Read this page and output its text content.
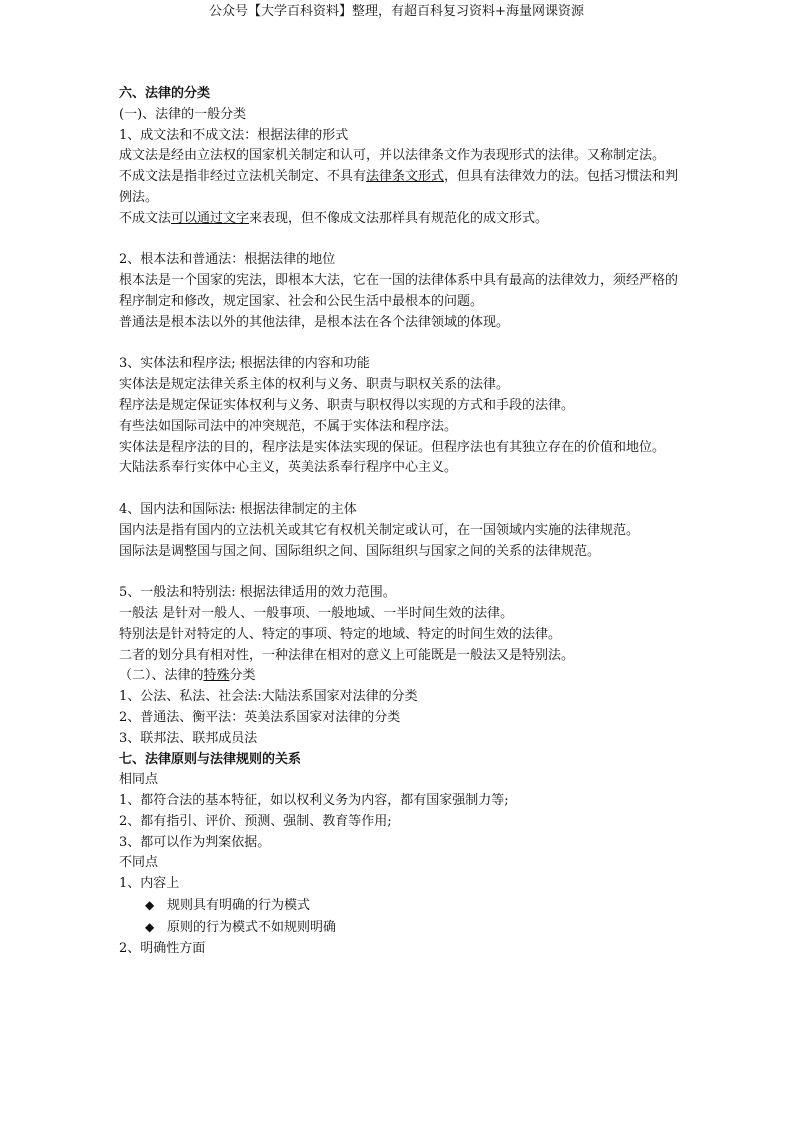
公众号【大学百科资料】整理，有超百科复习资料+海量网课资源
六、法律的分类
(一)、法律的一般分类
1、成文法和不成文法：根据法律的形式
成文法是经由立法权的国家机关制定和认可，并以法律条文作为表现形式的法律。又称制定法。
不成文法是指非经过立法机关制定、不具有法律条文形式，但具有法律效力的法。包括习惯法和判例法。
不成文法可以通过文字来表现，但不像成文法那样具有规范化的成文形式。
2、根本法和普通法：根据法律的地位
根本法是一个国家的宪法，即根本大法，它在一国的法律体系中具有最高的法律效力，须经严格的程序制定和修改，规定国家、社会和公民生活中最根本的问题。
普通法是根本法以外的其他法律，是根本法在各个法律领域的体现。
3、实体法和程序法; 根据法律的内容和功能
实体法是规定法律关系主体的权利与义务、职责与职权关系的法律。
程序法是规定保证实体权利与义务、职责与职权得以实现的方式和手段的法律。
有些法如国际司法中的冲突规范，不属于实体法和程序法。
实体法是程序法的目的，程序法是实体法实现的保证。但程序法也有其独立存在的价值和地位。
大陆法系奉行实体中心主义，英美法系奉行程序中心主义。
4、国内法和国际法: 根据法律制定的主体
国内法是指有国内的立法机关或其它有权机关制定或认可，在一国领域内实施的法律规范。
国际法是调整国与国之间、国际组织之间、国际组织与国家之间的关系的法律规范。
5、一般法和特别法: 根据法律适用的效力范围。
一般法 是针对一般人、一般事项、一般地域、一半时间生效的法律。
特别法是针对特定的人、特定的事项、特定的地域、特定的时间生效的法律。
二者的划分具有相对性，一种法律在相对的意义上可能既是一般法又是特别法。
（二）、法律的特殊分类
1、公法、私法、社会法:大陆法系国家对法律的分类
2、普通法、衡平法：英美法系国家对法律的分类
3、联邦法、联邦成员法
七、法律原则与法律规则的关系
相同点
1、都符合法的基本特征，如以权利义务为内容，都有国家强制力等;
2、都有指引、评价、预测、强制、教育等作用;
3、都可以作为判案依据。
不同点
1、内容上
◆ 规则具有明确的行为模式
◆ 原则的行为模式不如规则明确
2、明确性方面
